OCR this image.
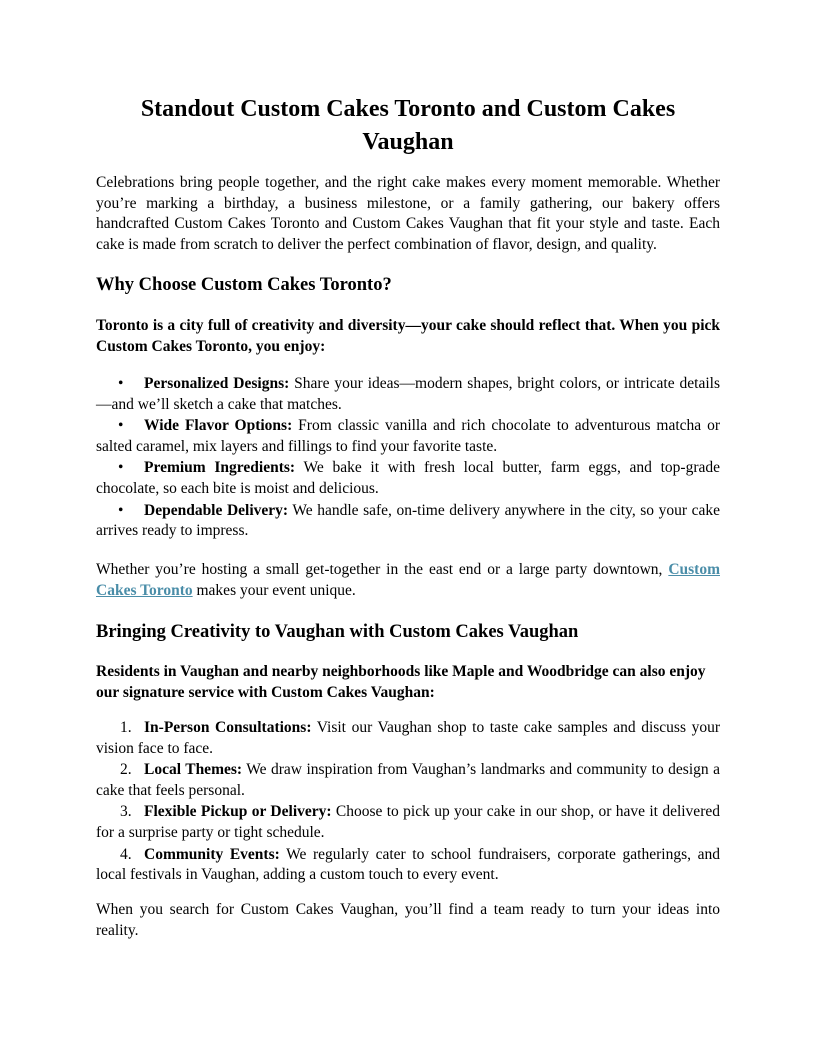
Standout Custom Cakes Toronto and Custom Cakes Vaughan

Celebrations bring people together, and the right cake makes every moment memorable. Whether you’re marking a birthday, a business milestone, or a family gathering, our bakery offers handcrafted Custom Cakes Toronto and Custom Cakes Vaughan that fit your style and taste. Each cake is made from scratch to deliver the perfect combination of flavor, design, and quality.

Why Choose Custom Cakes Toronto?

Toronto is a city full of creativity and diversity—your cake should reflect that. When you pick Custom Cakes Toronto, you enjoy:

• Personalized Designs: Share your ideas—modern shapes, bright colors, or intricate details—and we’ll sketch a cake that matches.
• Wide Flavor Options: From classic vanilla and rich chocolate to adventurous matcha or salted caramel, mix layers and fillings to find your favorite taste.
• Premium Ingredients: We bake it with fresh local butter, farm eggs, and top-grade chocolate, so each bite is moist and delicious.
• Dependable Delivery: We handle safe, on-time delivery anywhere in the city, so your cake arrives ready to impress.

Whether you’re hosting a small get-together in the east end or a large party downtown, Custom Cakes Toronto makes your event unique.

Bringing Creativity to Vaughan with Custom Cakes Vaughan

Residents in Vaughan and nearby neighborhoods like Maple and Woodbridge can also enjoy our signature service with Custom Cakes Vaughan:

1. In-Person Consultations: Visit our Vaughan shop to taste cake samples and discuss your vision face to face.
2. Local Themes: We draw inspiration from Vaughan’s landmarks and community to design a cake that feels personal.
3. Flexible Pickup or Delivery: Choose to pick up your cake in our shop, or have it delivered for a surprise party or tight schedule.
4. Community Events: We regularly cater to school fundraisers, corporate gatherings, and local festivals in Vaughan, adding a custom touch to every event.

When you search for Custom Cakes Vaughan, you’ll find a team ready to turn your ideas into reality.
